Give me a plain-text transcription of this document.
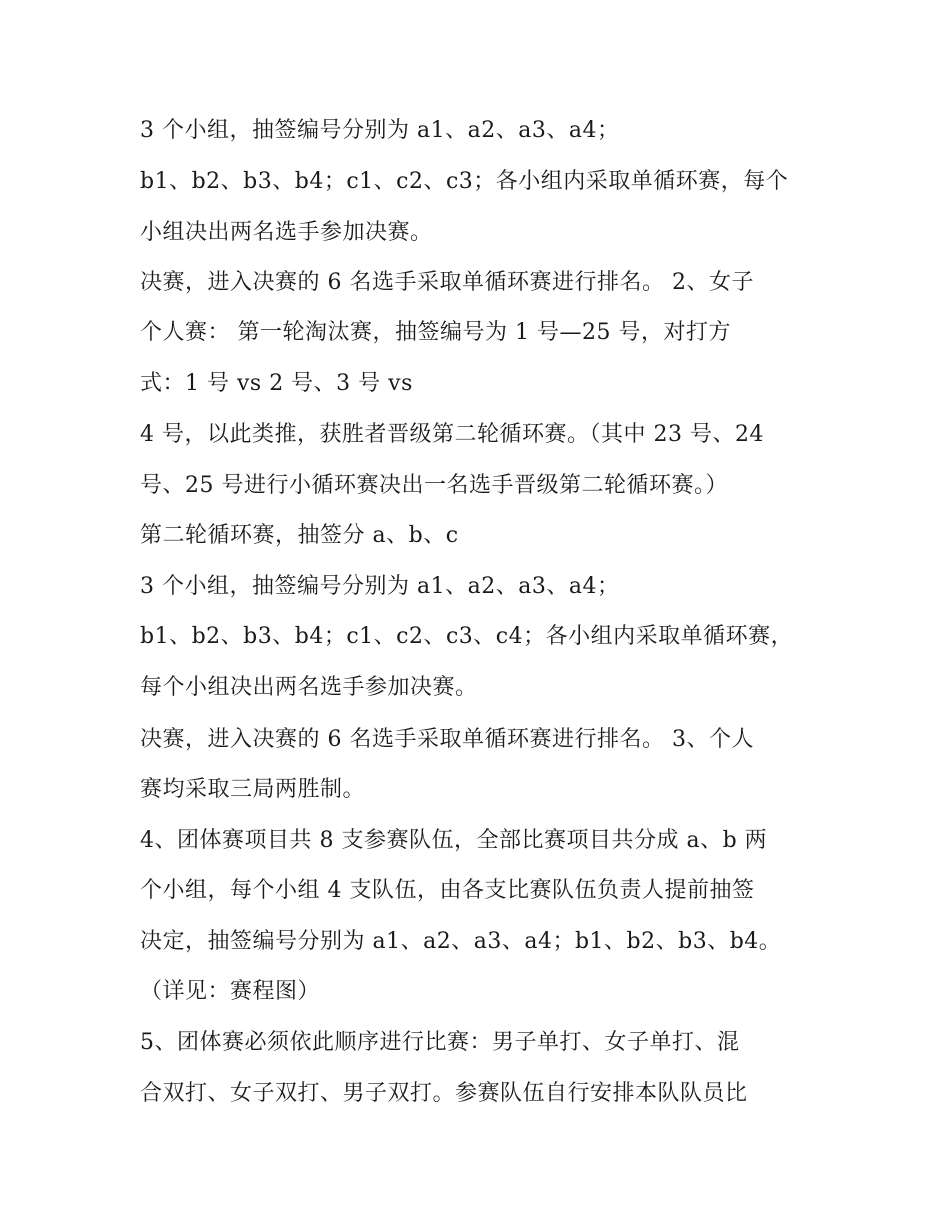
3 个小组，抽签编号分别为 a1、a2、a3、a4；

b1、b2、b3、b4；c1、c2、c3；各小组内采取单循环赛，每个

小组决出两名选手参加决赛。

决赛，进入决赛的 6 名选手采取单循环赛进行排名。 2、女子

个人赛： 第一轮淘汰赛，抽签编号为 1 号—25 号，对打方

式：1 号 vs 2 号、3 号 vs

4 号，以此类推，获胜者晋级第二轮循环赛。（其中 23 号、24

号、25 号进行小循环赛决出一名选手晋级第二轮循环赛。）

第二轮循环赛，抽签分 a、b、c

3 个小组，抽签编号分别为 a1、a2、a3、a4；

b1、b2、b3、b4；c1、c2、c3、c4；各小组内采取单循环赛，

每个小组决出两名选手参加决赛。

决赛，进入决赛的 6 名选手采取单循环赛进行排名。 3、个人

赛均采取三局两胜制。

4、团体赛项目共 8 支参赛队伍，全部比赛项目共分成 a、b 两

个小组，每个小组 4 支队伍，由各支比赛队伍负责人提前抽签

决定，抽签编号分别为 a1、a2、a3、a4；b1、b2、b3、b4。

（详见：赛程图）

5、团体赛必须依此顺序进行比赛：男子单打、女子单打、混

合双打、女子双打、男子双打。参赛队伍自行安排本队队员比
